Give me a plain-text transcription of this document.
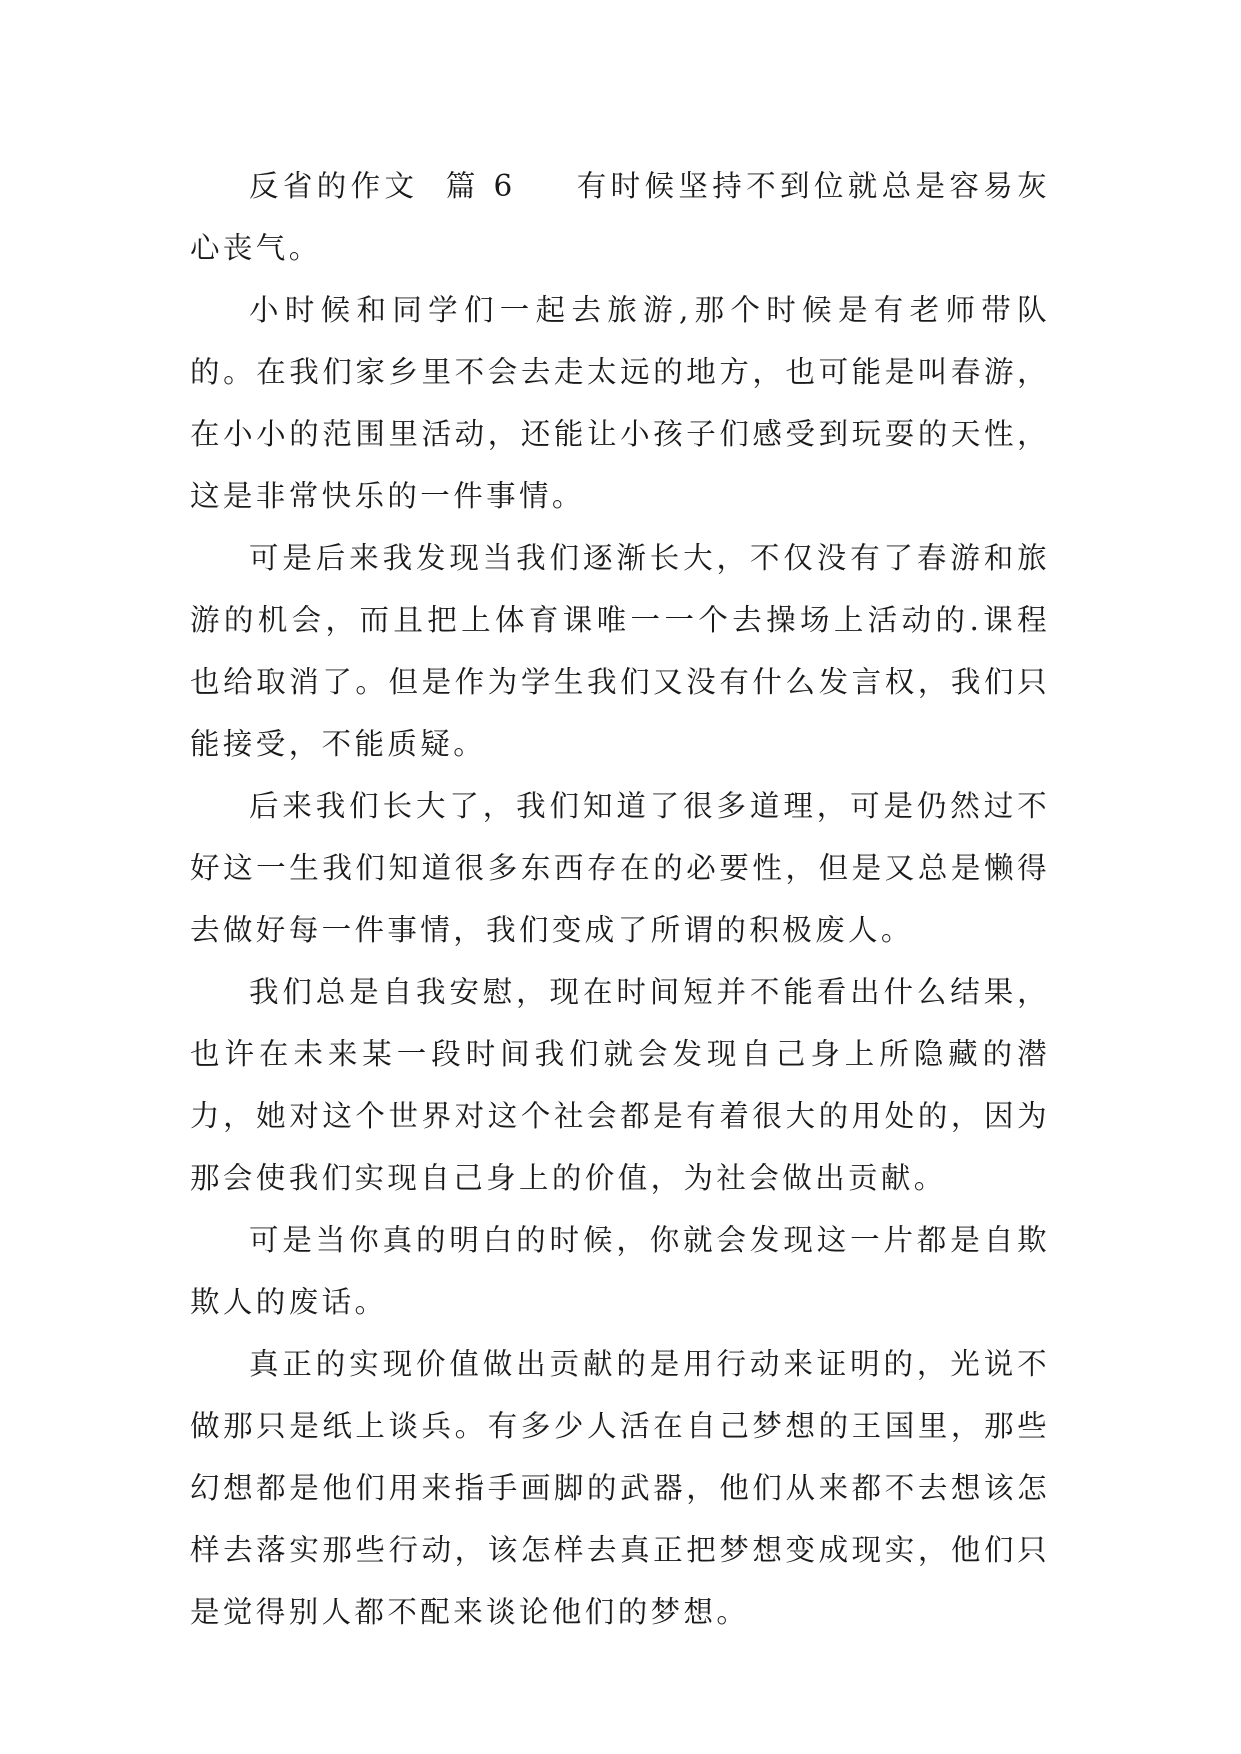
反省的作文 篇 6 有时候坚持不到位就总是容易灰心丧气。

小时候和同学们一起去旅游,那个时候是有老师带队的。在我们家乡里不会去走太远的地方，也可能是叫春游，在小小的范围里活动，还能让小孩子们感受到玩耍的天性，这是非常快乐的一件事情。

可是后来我发现当我们逐渐长大，不仅没有了春游和旅游的机会，而且把上体育课唯一一个去操场上活动的.课程也给取消了。但是作为学生我们又没有什么发言权，我们只能接受，不能质疑。

后来我们长大了，我们知道了很多道理，可是仍然过不好这一生我们知道很多东西存在的必要性，但是又总是懒得去做好每一件事情，我们变成了所谓的积极废人。

我们总是自我安慰，现在时间短并不能看出什么结果，也许在未来某一段时间我们就会发现自己身上所隐藏的潜力，她对这个世界对这个社会都是有着很大的用处的，因为那会使我们实现自己身上的价值，为社会做出贡献。

可是当你真的明白的时候，你就会发现这一片都是自欺欺人的废话。

真正的实现价值做出贡献的是用行动来证明的，光说不做那只是纸上谈兵。有多少人活在自己梦想的王国里，那些幻想都是他们用来指手画脚的武器，他们从来都不去想该怎样去落实那些行动，该怎样去真正把梦想变成现实，他们只是觉得别人都不配来谈论他们的梦想。
